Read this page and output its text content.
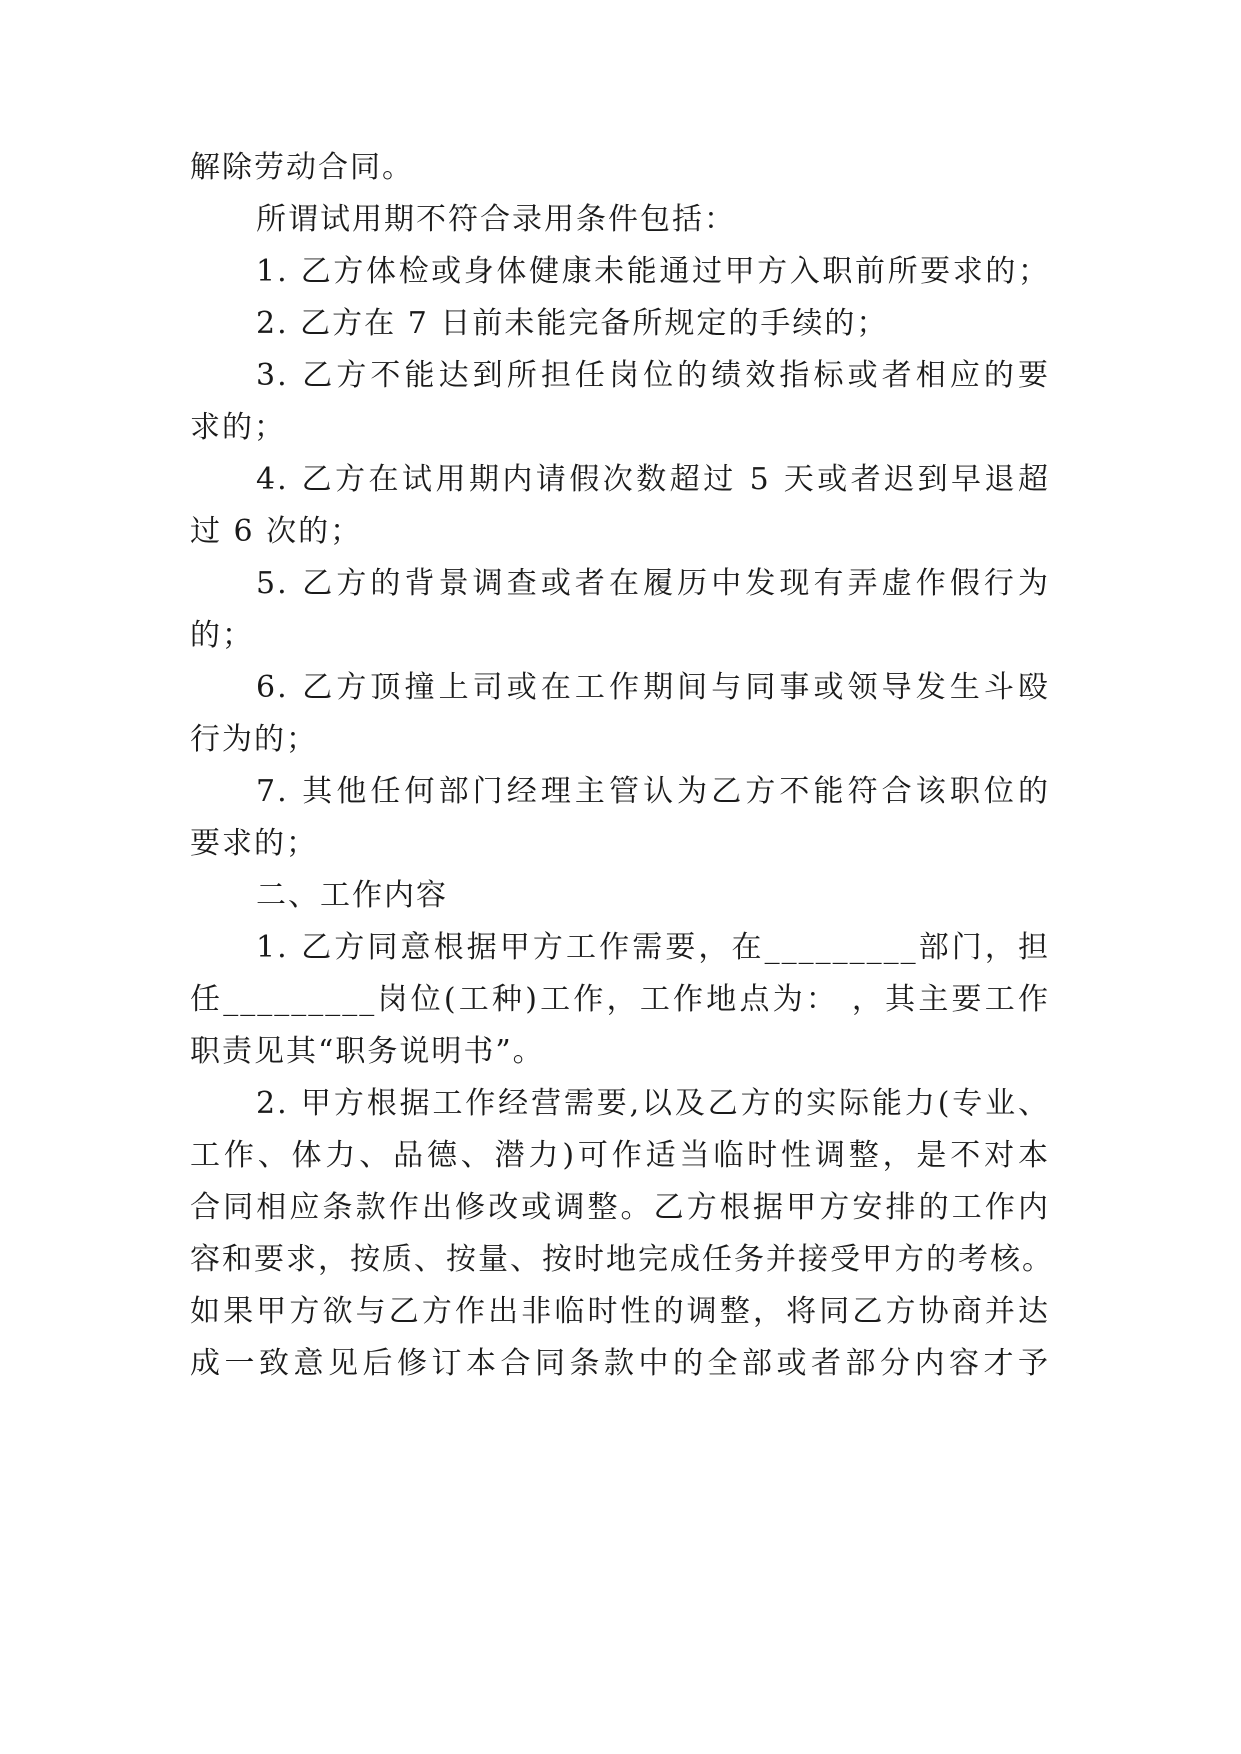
解除劳动合同。
所谓试用期不符合录用条件包括：
1. 乙方体检或身体健康未能通过甲方入职前所要求的；
2. 乙方在 7 日前未能完备所规定的手续的；
3. 乙方不能达到所担任岗位的绩效指标或者相应的要
求的；
4. 乙方在试用期内请假次数超过 5 天或者迟到早退超
过 6 次的；
5. 乙方的背景调查或者在履历中发现有弄虚作假行为
的；
6. 乙方顶撞上司或在工作期间与同事或领导发生斗殴
行为的；
7. 其他任何部门经理主管认为乙方不能符合该职位的
要求的；
二、工作内容
1. 乙方同意根据甲方工作需要，在_________部门，担
任_________岗位(工种)工作，工作地点为： ，其主要工作
职责见其“职务说明书”。
2. 甲方根据工作经营需要,以及乙方的实际能力(专业、
工作、体力、品德、潜力)可作适当临时性调整，是不对本
合同相应条款作出修改或调整。乙方根据甲方安排的工作内
容和要求，按质、按量、按时地完成任务并接受甲方的考核。
如果甲方欲与乙方作出非临时性的调整，将同乙方协商并达
成一致意见后修订本合同条款中的全部或者部分内容才予
